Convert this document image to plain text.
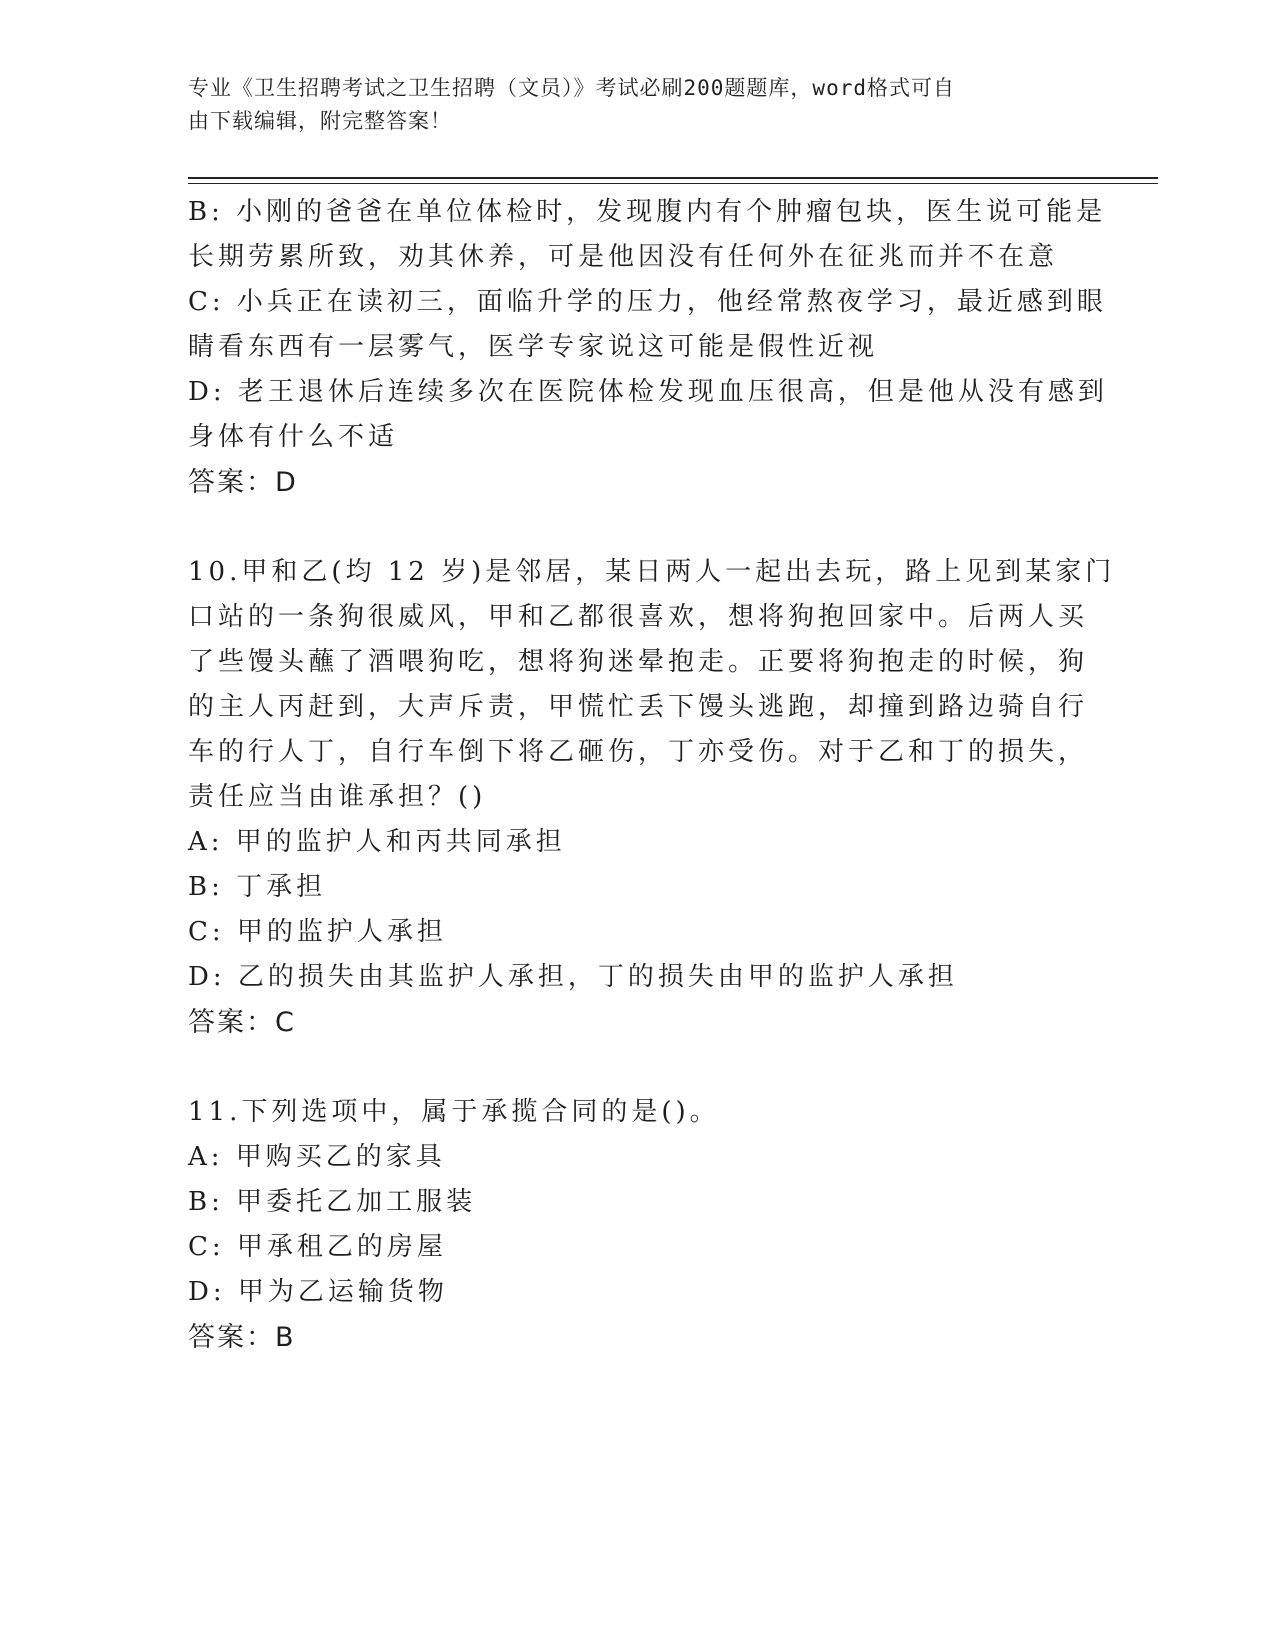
专业《卫生招聘考试之卫生招聘（文员）》考试必刷200题题库，word格式可自
由下载编辑，附完整答案！
B: 小刚的爸爸在单位体检时，发现腹内有个肿瘤包块，医生说可能是
长期劳累所致，劝其休养，可是他因没有任何外在征兆而并不在意
C: 小兵正在读初三，面临升学的压力，他经常熬夜学习，最近感到眼
睛看东西有一层雾气，医学专家说这可能是假性近视
D: 老王退休后连续多次在医院体检发现血压很高，但是他从没有感到
身体有什么不适
答案：D
10.甲和乙(均 12 岁)是邻居，某日两人一起出去玩，路上见到某家门
口站的一条狗很威风，甲和乙都很喜欢，想将狗抱回家中。后两人买
了些馒头蘸了酒喂狗吃，想将狗迷晕抱走。正要将狗抱走的时候，狗
的主人丙赶到，大声斥责，甲慌忙丢下馒头逃跑，却撞到路边骑自行
车的行人丁，自行车倒下将乙砸伤，丁亦受伤。对于乙和丁的损失，
责任应当由谁承担？()
A: 甲的监护人和丙共同承担
B: 丁承担
C: 甲的监护人承担
D: 乙的损失由其监护人承担，丁的损失由甲的监护人承担
答案：C
11.下列选项中，属于承揽合同的是()。
A: 甲购买乙的家具
B: 甲委托乙加工服装
C: 甲承租乙的房屋
D: 甲为乙运输货物
答案：B
